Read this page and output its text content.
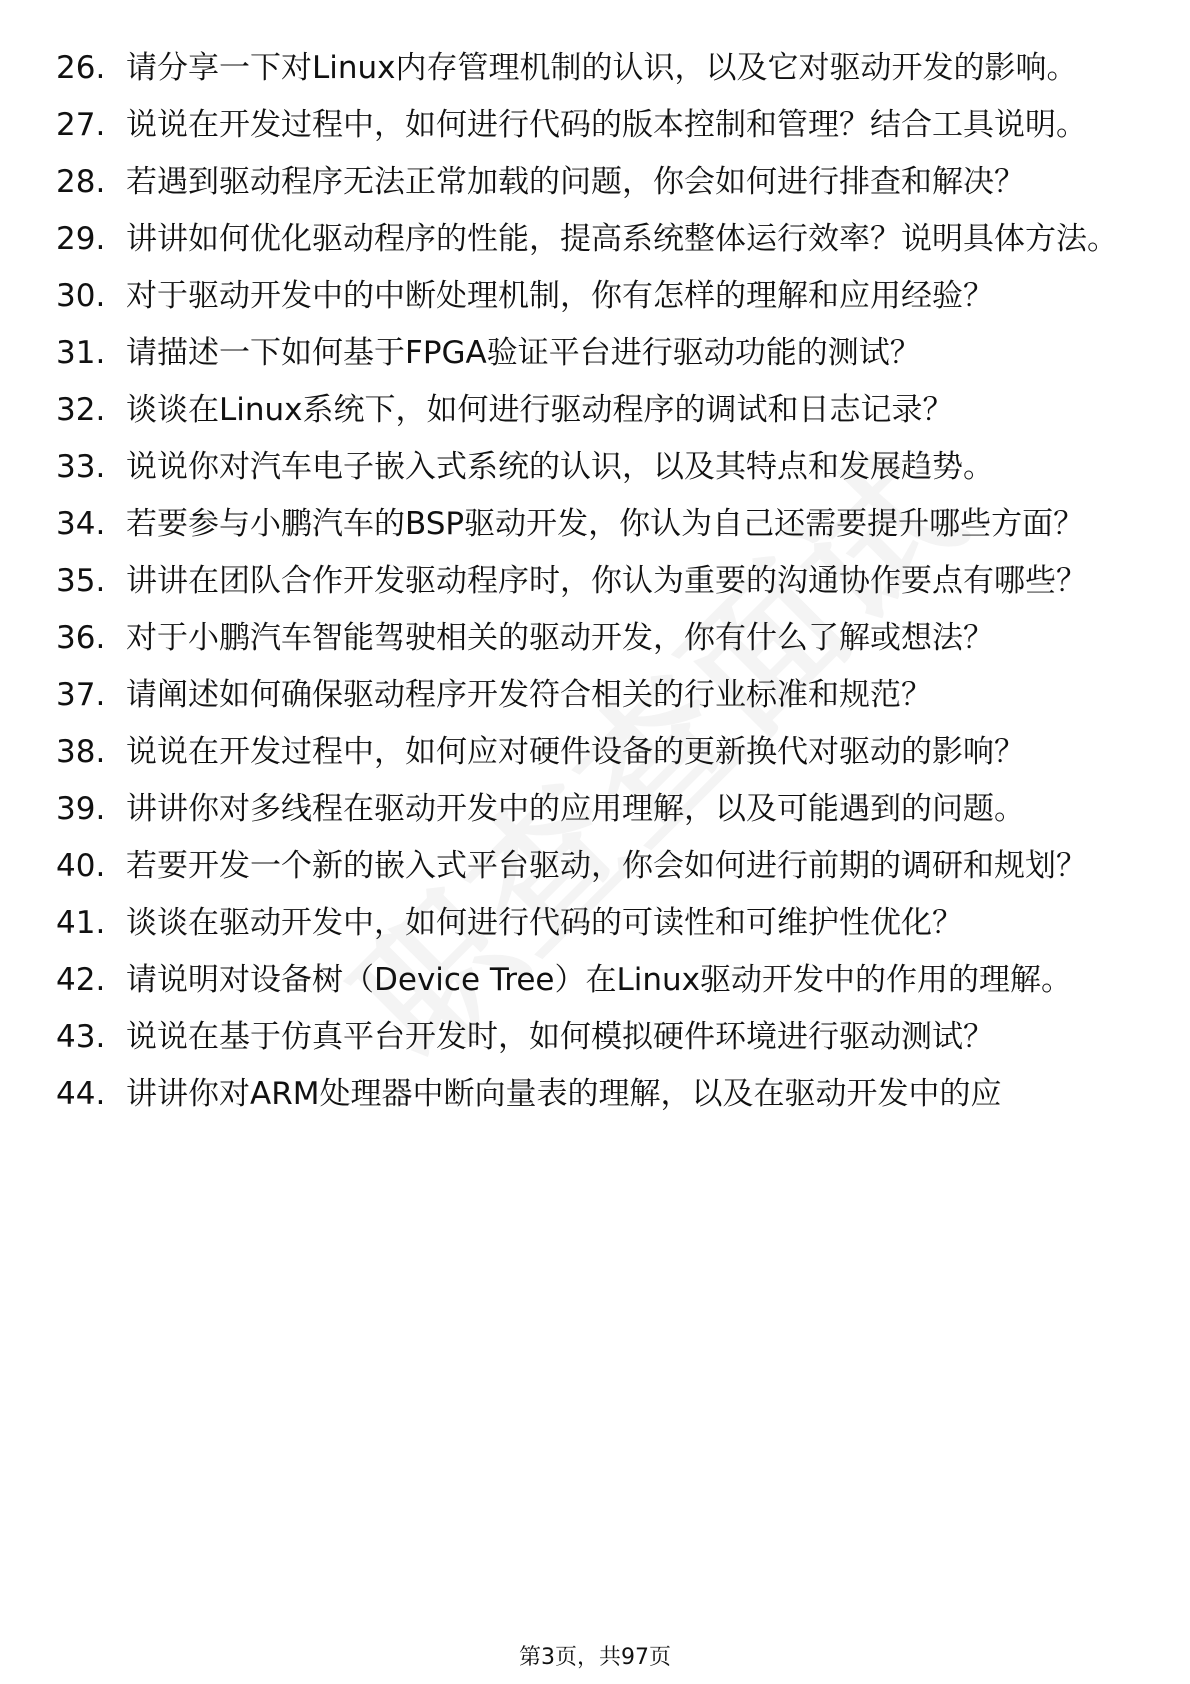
26. 请分享一下对Linux内存管理机制的认识，以及它对驱动开发的影响。
27. 说说在开发过程中，如何进行代码的版本控制和管理？结合工具说明。
28. 若遇到驱动程序无法正常加载的问题，你会如何进行排查和解决？
29. 讲讲如何优化驱动程序的性能，提高系统整体运行效率？说明具体方法。
30. 对于驱动开发中的中断处理机制，你有怎样的理解和应用经验？
31. 请描述一下如何基于FPGA验证平台进行驱动功能的测试？
32. 谈谈在Linux系统下，如何进行驱动程序的调试和日志记录？
33. 说说你对汽车电子嵌入式系统的认识，以及其特点和发展趋势。
34. 若要参与小鹏汽车的BSP驱动开发，你认为自己还需要提升哪些方面？
35. 讲讲在团队合作开发驱动程序时，你认为重要的沟通协作要点有哪些？
36. 对于小鹏汽车智能驾驶相关的驱动开发，你有什么了解或想法？
37. 请阐述如何确保驱动程序开发符合相关的行业标准和规范？
38. 说说在开发过程中，如何应对硬件设备的更新换代对驱动的影响？
39. 讲讲你对多线程在驱动开发中的应用理解，以及可能遇到的问题。
40. 若要开发一个新的嵌入式平台驱动，你会如何进行前期的调研和规划？
41. 谈谈在驱动开发中，如何进行代码的可读性和可维护性优化？
42. 请说明对设备树（Device Tree）在Linux驱动开发中的作用的理解。
43. 说说在基于仿真平台开发时，如何模拟硬件环境进行驱动测试？
44. 讲讲你对ARM处理器中断向量表的理解，以及在驱动开发中的应
第3页，共97页
